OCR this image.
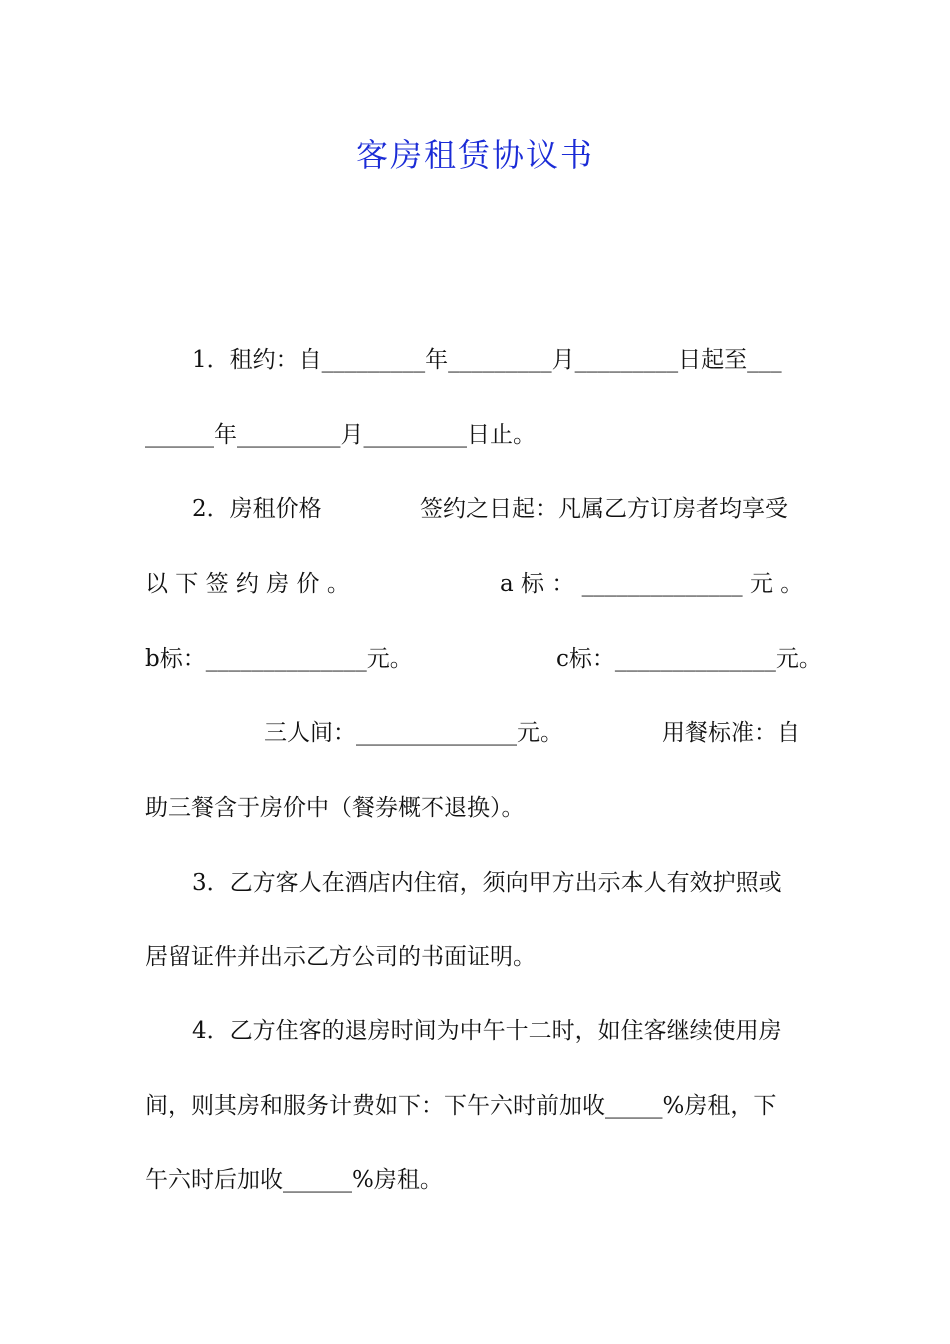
客房租赁协议书
1．租约：自_________年_________月_________日起至___
______年_________月_________日止。
2．房租价格	签约之日起：凡属乙方订房者均享受
以 下 签 约 房 价 。	a 标 ： ______________ 元 。
b标：______________元。	c标：______________元。
三人间：______________元。	用餐标准：自
助三餐含于房价中（餐券概不退换）。
3．乙方客人在酒店内住宿，须向甲方出示本人有效护照或
居留证件并出示乙方公司的书面证明。
4．乙方住客的退房时间为中午十二时，如住客继续使用房
间，则其房和服务计费如下：下午六时前加收_____%房租，下
午六时后加收______%房租。
